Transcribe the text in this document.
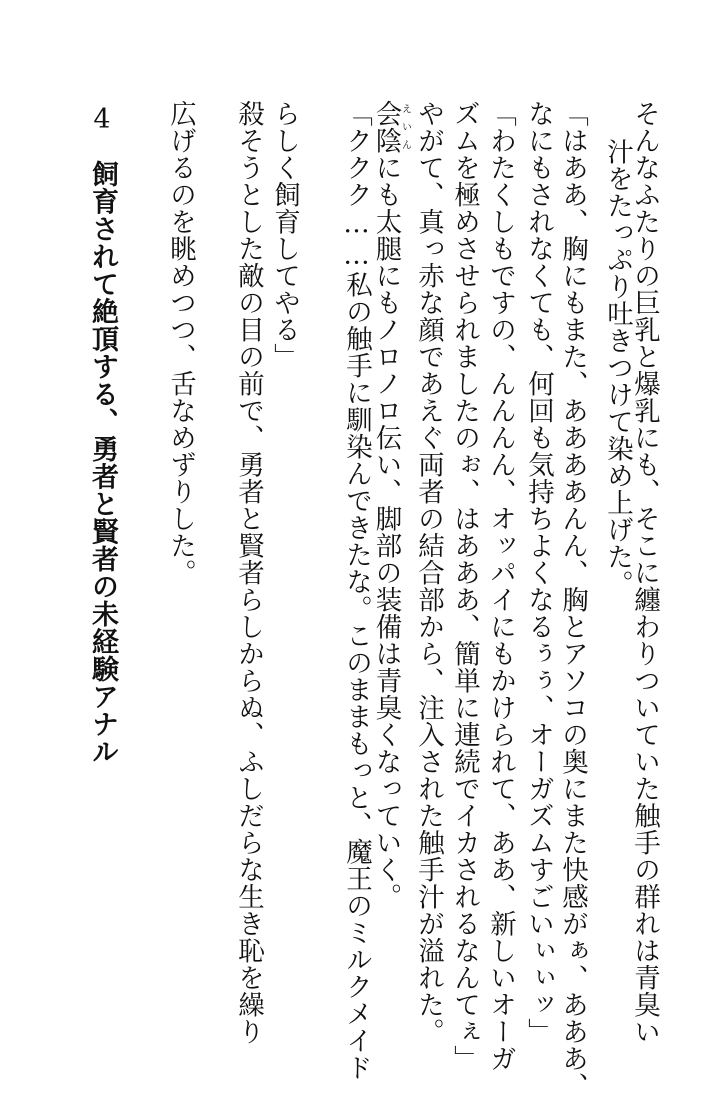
そんなふたりの巨乳と爆乳にも、そこに纏わりついていた触手の群れは青臭い
汁をたっぷり吐きつけて染め上げた。
「はああ、胸にもまた、ああああんん、胸とアソコの奥にまた快感がぁ、あああ、
なにもされなくても、何回も気持ちよくなるぅぅ、オーガズムすごいぃぃッ」
「わたくしもですの、んんんん、オッパイにもかけられて、ああ、新しいオーガ
ズムを極めさせられましたのぉ、はあああ、簡単に連続でイカされるなんてぇ」
やがて、真っ赤な顔であえぐ両者の結合部から、注入された触手汁が溢れた。
会陰えいんにも太腿にもノロノロ伝い、脚部の装備は青臭くなっていく。
「ククク……私の触手に馴染んできたな。このままもっと、魔王のミルクメイド
らしく飼育してやる」
殺そうとした敵の目の前で、勇者と賢者らしからぬ、ふしだらな生き恥を繰り
広げるのを眺めつつ、舌なめずりした。
4
飼育されて絶頂する、勇者と賢者の未経験アナル
